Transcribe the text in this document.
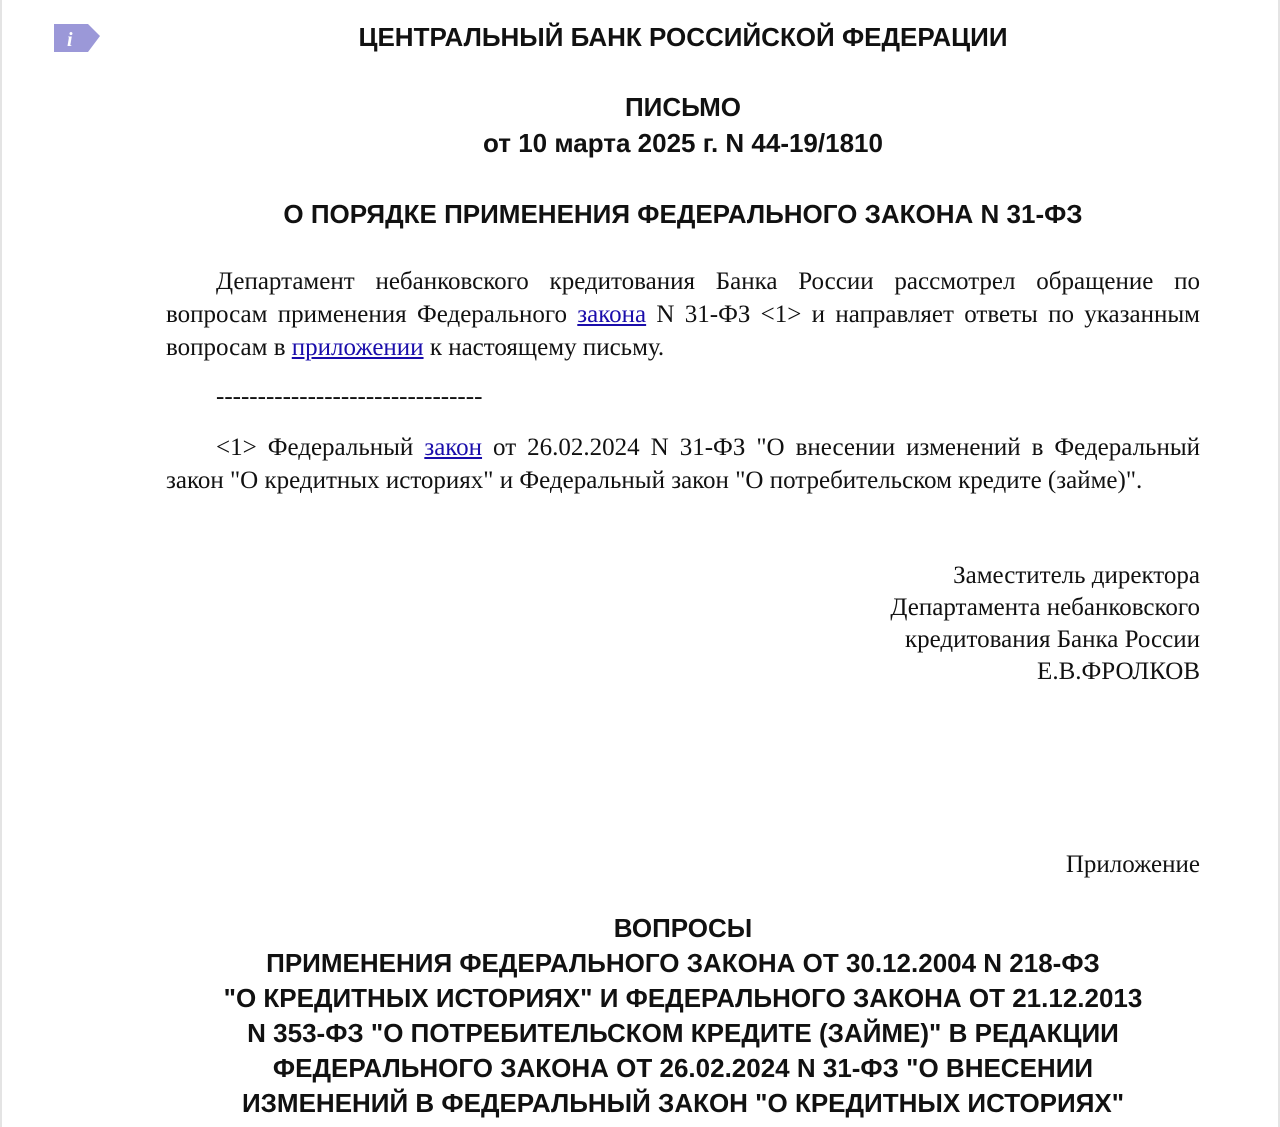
i	ЦЕНТРАЛЬНЫЙ БАНК РОССИЙСКОЙ ФЕДЕРАЦИИ
ПИСЬМО
от 10 марта 2025 г. N 44-19/1810
О ПОРЯДКЕ ПРИМЕНЕНИЯ ФЕДЕРАЛЬНОГО ЗАКОНА N 31-ФЗ

Департамент небанковского кредитования Банка России рассмотрел обращение по вопросам применения Федерального закона N 31-ФЗ <1> и направляет ответы по указанным вопросам в приложении к настоящему письму.

--------------------------------

<1> Федеральный закон от 26.02.2024 N 31-ФЗ "О внесении изменений в Федеральный закон "О кредитных историях" и Федеральный закон "О потребительском кредите (займе)".

Заместитель директора
Департамента небанковского
кредитования Банка России
Е.В.ФРОЛКОВ
Приложение
ВОПРОСЫ
ПРИМЕНЕНИЯ ФЕДЕРАЛЬНОГО ЗАКОНА ОТ 30.12.2004 N 218-ФЗ
"О КРЕДИТНЫХ ИСТОРИЯХ" И ФЕДЕРАЛЬНОГО ЗАКОНА ОТ 21.12.2013
N 353-ФЗ "О ПОТРЕБИТЕЛЬСКОМ КРЕДИТЕ (ЗАЙМЕ)" В РЕДАКЦИИ
ФЕДЕРАЛЬНОГО ЗАКОНА ОТ 26.02.2024 N 31-ФЗ "О ВНЕСЕНИИ
ИЗМЕНЕНИЙ В ФЕДЕРАЛЬНЫЙ ЗАКОН "О КРЕДИТНЫХ ИСТОРИЯХ"
